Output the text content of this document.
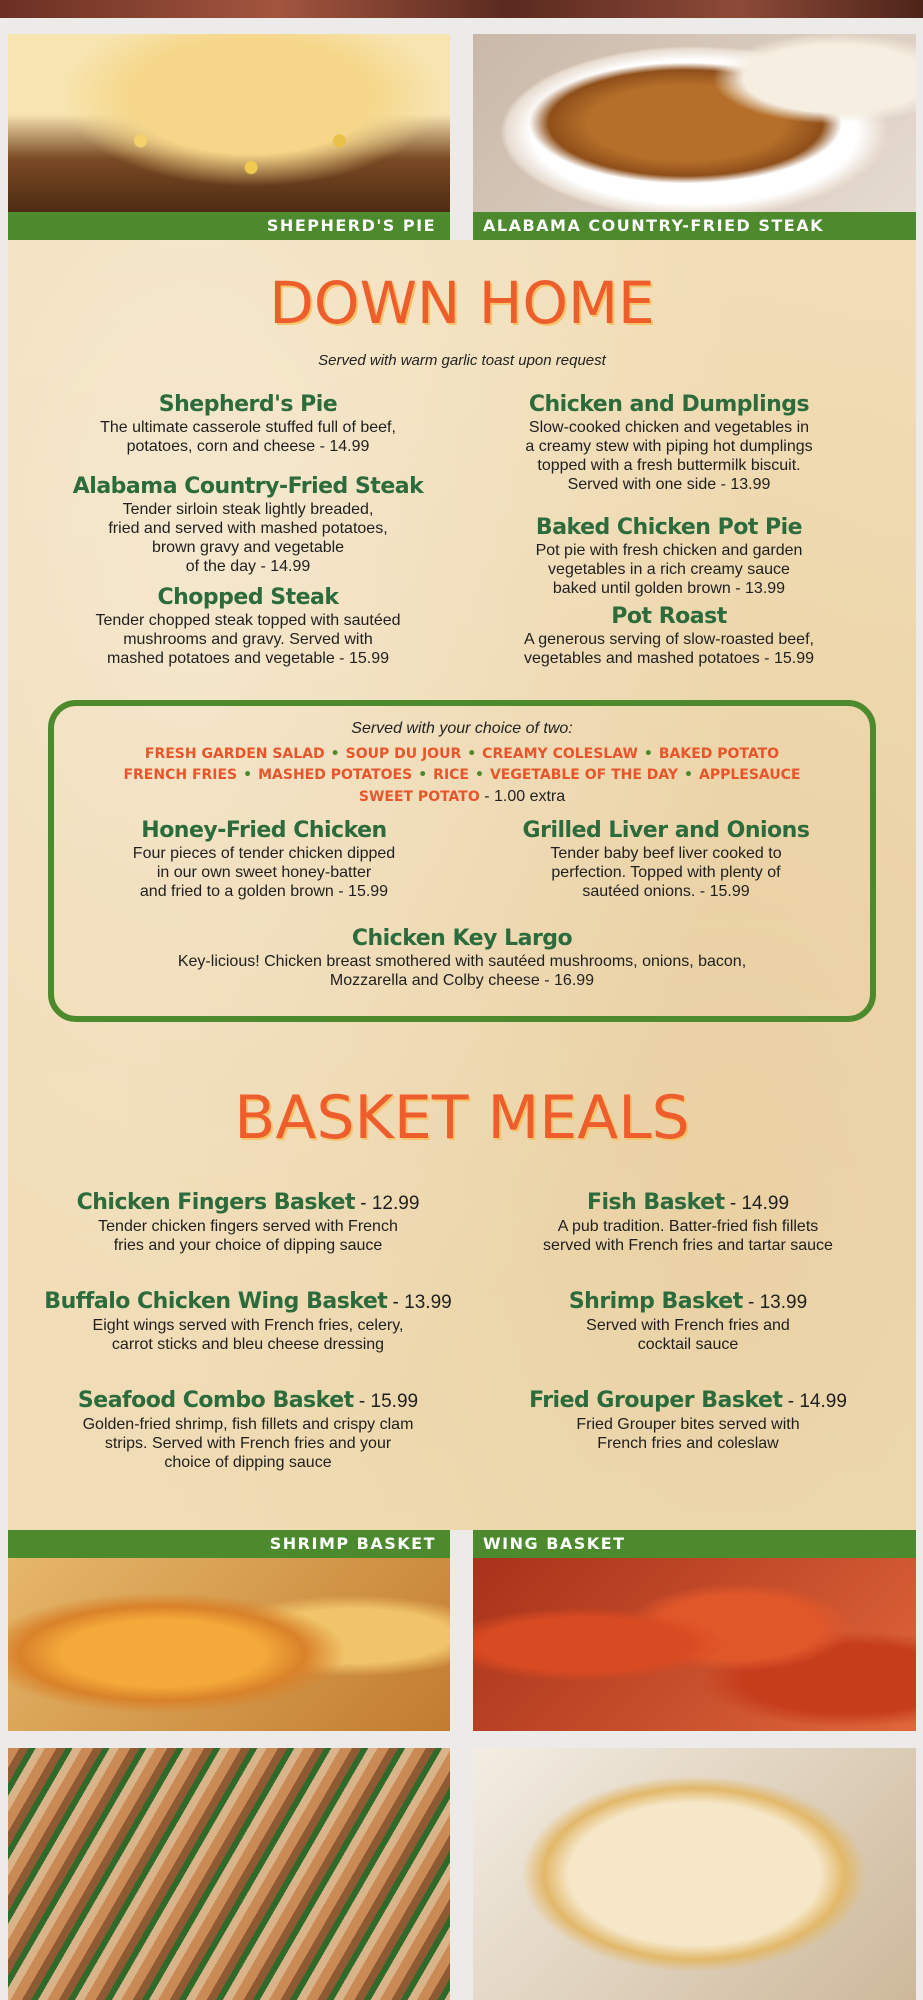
SHEPHERD'S PIE	ALABAMA COUNTRY-FRIED STEAK
DOWN HOME
Served with warm garlic toast upon request
Shepherd's Pie
The ultimate casserole stuffed full of beef,
potatoes, corn and cheese - 14.99
Alabama Country-Fried Steak
Tender sirloin steak lightly breaded,
fried and served with mashed potatoes,
brown gravy and vegetable
of the day - 14.99
Chopped Steak
Tender chopped steak topped with sautéed
mushrooms and gravy. Served with
mashed potatoes and vegetable - 15.99
Chicken and Dumplings
Slow-cooked chicken and vegetables in
a creamy stew with piping hot dumplings
topped with a fresh buttermilk biscuit.
Served with one side - 13.99
Baked Chicken Pot Pie
Pot pie with fresh chicken and garden
vegetables in a rich creamy sauce
baked until golden brown - 13.99
Pot Roast
A generous serving of slow-roasted beef,
vegetables and mashed potatoes - 15.99
Served with your choice of two:
FRESH GARDEN SALAD • SOUP DU JOUR • CREAMY COLESLAW • BAKED POTATO
FRENCH FRIES • MASHED POTATOES • RICE • VEGETABLE OF THE DAY • APPLESAUCE
SWEET POTATO - 1.00 extra
Honey-Fried Chicken
Four pieces of tender chicken dipped
in our own sweet honey-batter
and fried to a golden brown - 15.99
Grilled Liver and Onions
Tender baby beef liver cooked to
perfection. Topped with plenty of
sautéed onions. - 15.99
Chicken Key Largo
Key-licious! Chicken breast smothered with sautéed mushrooms, onions, bacon,
Mozzarella and Colby cheese - 16.99
BASKET MEALS
Chicken Fingers Basket - 12.99
Tender chicken fingers served with French
fries and your choice of dipping sauce
Buffalo Chicken Wing Basket - 13.99
Eight wings served with French fries, celery,
carrot sticks and bleu cheese dressing
Seafood Combo Basket - 15.99
Golden-fried shrimp, fish fillets and crispy clam
strips. Served with French fries and your
choice of dipping sauce
Fish Basket - 14.99
A pub tradition. Batter-fried fish fillets
served with French fries and tartar sauce
Shrimp Basket - 13.99
Served with French fries and
cocktail sauce
Fried Grouper Basket - 14.99
Fried Grouper bites served with
French fries and coleslaw
SHRIMP BASKET	WING BASKET
